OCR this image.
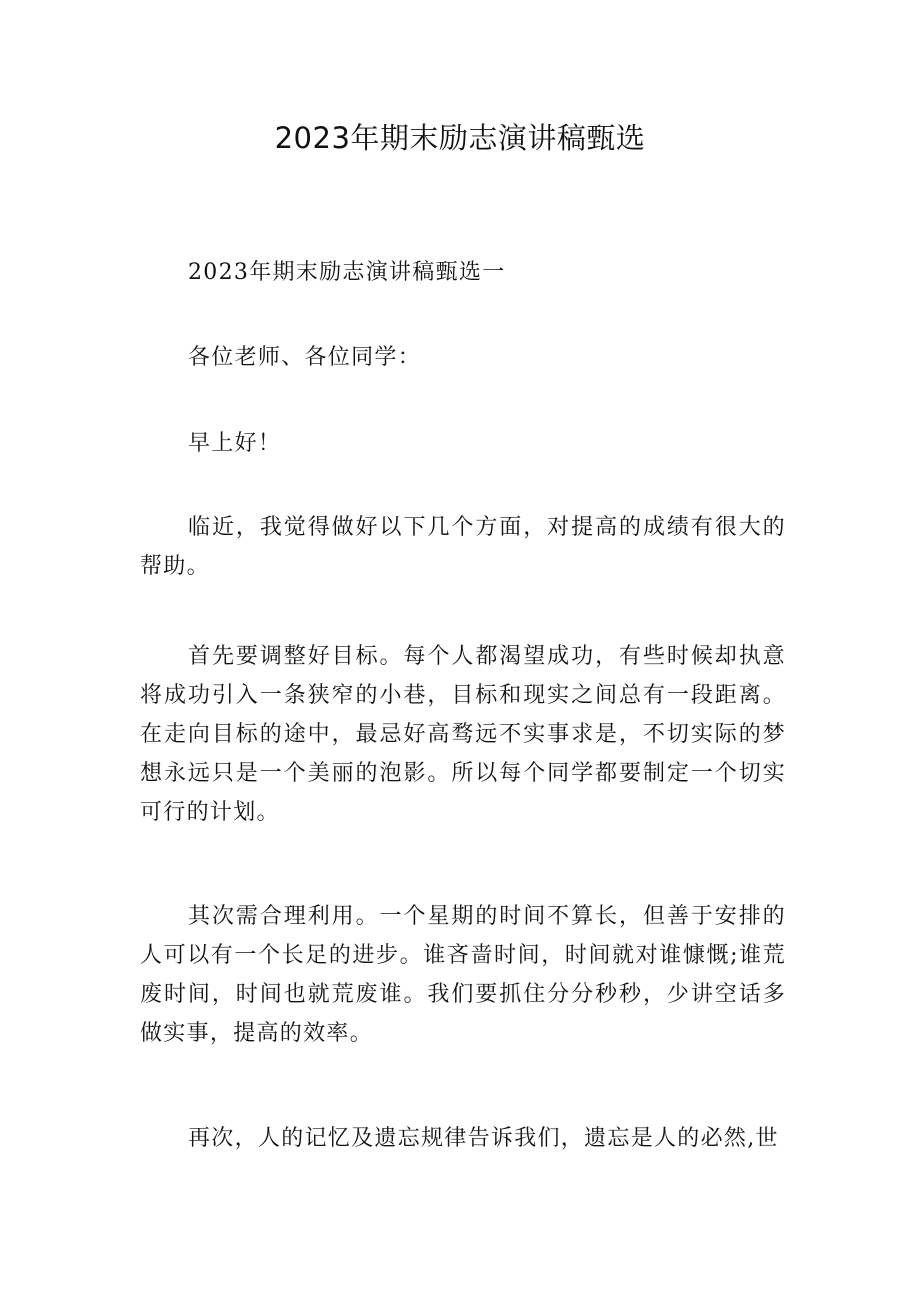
2023年期末励志演讲稿甄选

2023年期末励志演讲稿甄选一

各位老师、各位同学：

早上好！

临近，我觉得做好以下几个方面，对提高的成绩有很大的帮助。

首先要调整好目标。每个人都渴望成功，有些时候却执意将成功引入一条狭窄的小巷，目标和现实之间总有一段距离。在走向目标的途中，最忌好高骛远不实事求是，不切实际的梦想永远只是一个美丽的泡影。所以每个同学都要制定一个切实可行的计划。

其次需合理利用。一个星期的时间不算长，但善于安排的人可以有一个长足的进步。谁吝啬时间，时间就对谁慷慨;谁荒废时间，时间也就荒废谁。我们要抓住分分秒秒，少讲空话多做实事，提高的效率。

再次，人的记忆及遗忘规律告诉我们，遗忘是人的必然,世
